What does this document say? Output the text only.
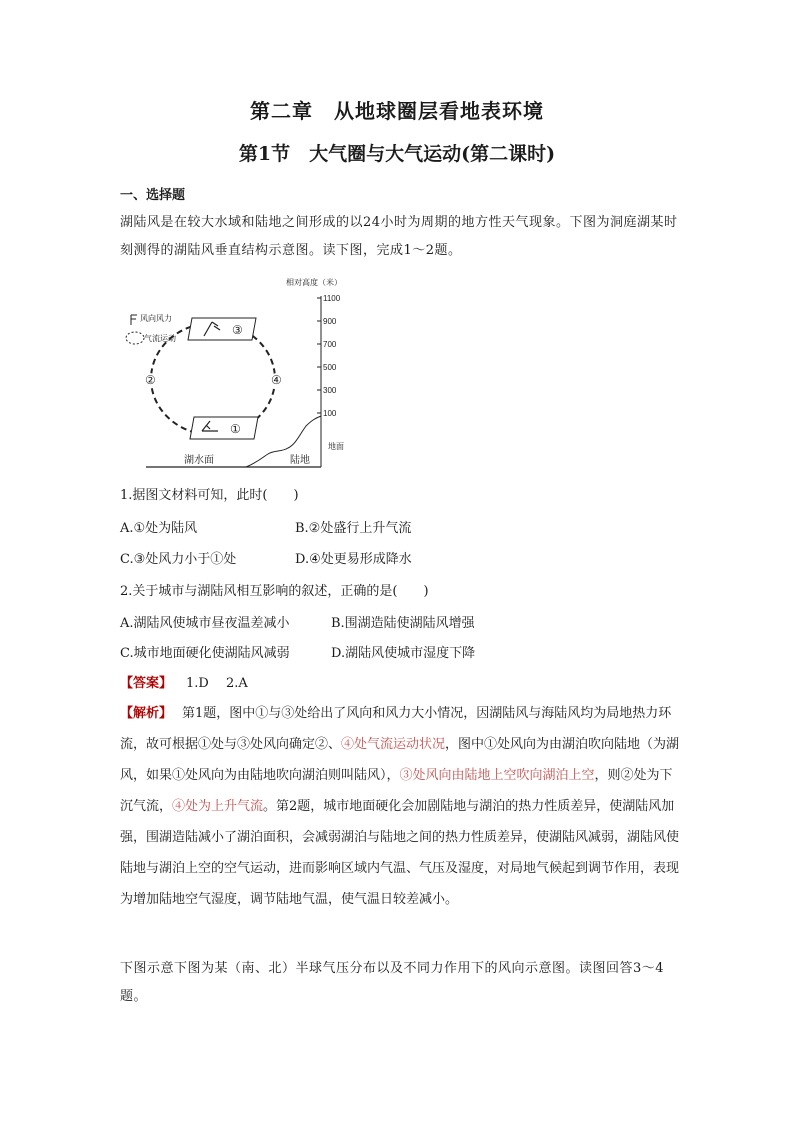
第二章　从地球圈层看地表环境
第1节　大气圈与大气运动(第二课时)
一、选择题
湖陆风是在较大水域和陆地之间形成的以24小时为周期的地方性天气现象。下图为洞庭湖某时刻测得的湖陆风垂直结构示意图。读下图，完成1～2题。
相对高度（米）
1100
900
700
500
300
100
地面
风向风力
气流运动
③
①
②	④
湖水面	陆地
1.据图文材料可知，此时(　　)
A.①处为陆风	B.②处盛行上升气流
C.③处风力小于①处	D.④处更易形成降水
2.关于城市与湖陆风相互影响的叙述，正确的是(　　)
A.湖陆风使城市昼夜温差减小	B.围湖造陆使湖陆风增强
C.城市地面硬化使湖陆风减弱	D.湖陆风使城市湿度下降
【答案】 1.D　 2.A
【解析】 第1题，图中①与③处给出了风向和风力大小情况，因湖陆风与海陆风均为局地热力环流，故可根据①处与③处风向确定②、④处气流运动状况，图中①处风向为由湖泊吹向陆地（为湖风，如果①处风向为由陆地吹向湖泊则叫陆风），③处风向由陆地上空吹向湖泊上空，则②处为下沉气流，④处为上升气流。第2题，城市地面硬化会加剧陆地与湖泊的热力性质差异，使湖陆风加强，围湖造陆减小了湖泊面积，会减弱湖泊与陆地之间的热力性质差异，使湖陆风减弱，湖陆风使陆地与湖泊上空的空气运动，进而影响区域内气温、气压及湿度，对局地气候起到调节作用，表现为增加陆地空气湿度，调节陆地气温，使气温日较差减小。
下图示意下图为某（南、北）半球气压分布以及不同力作用下的风向示意图。读图回答3～4题。
